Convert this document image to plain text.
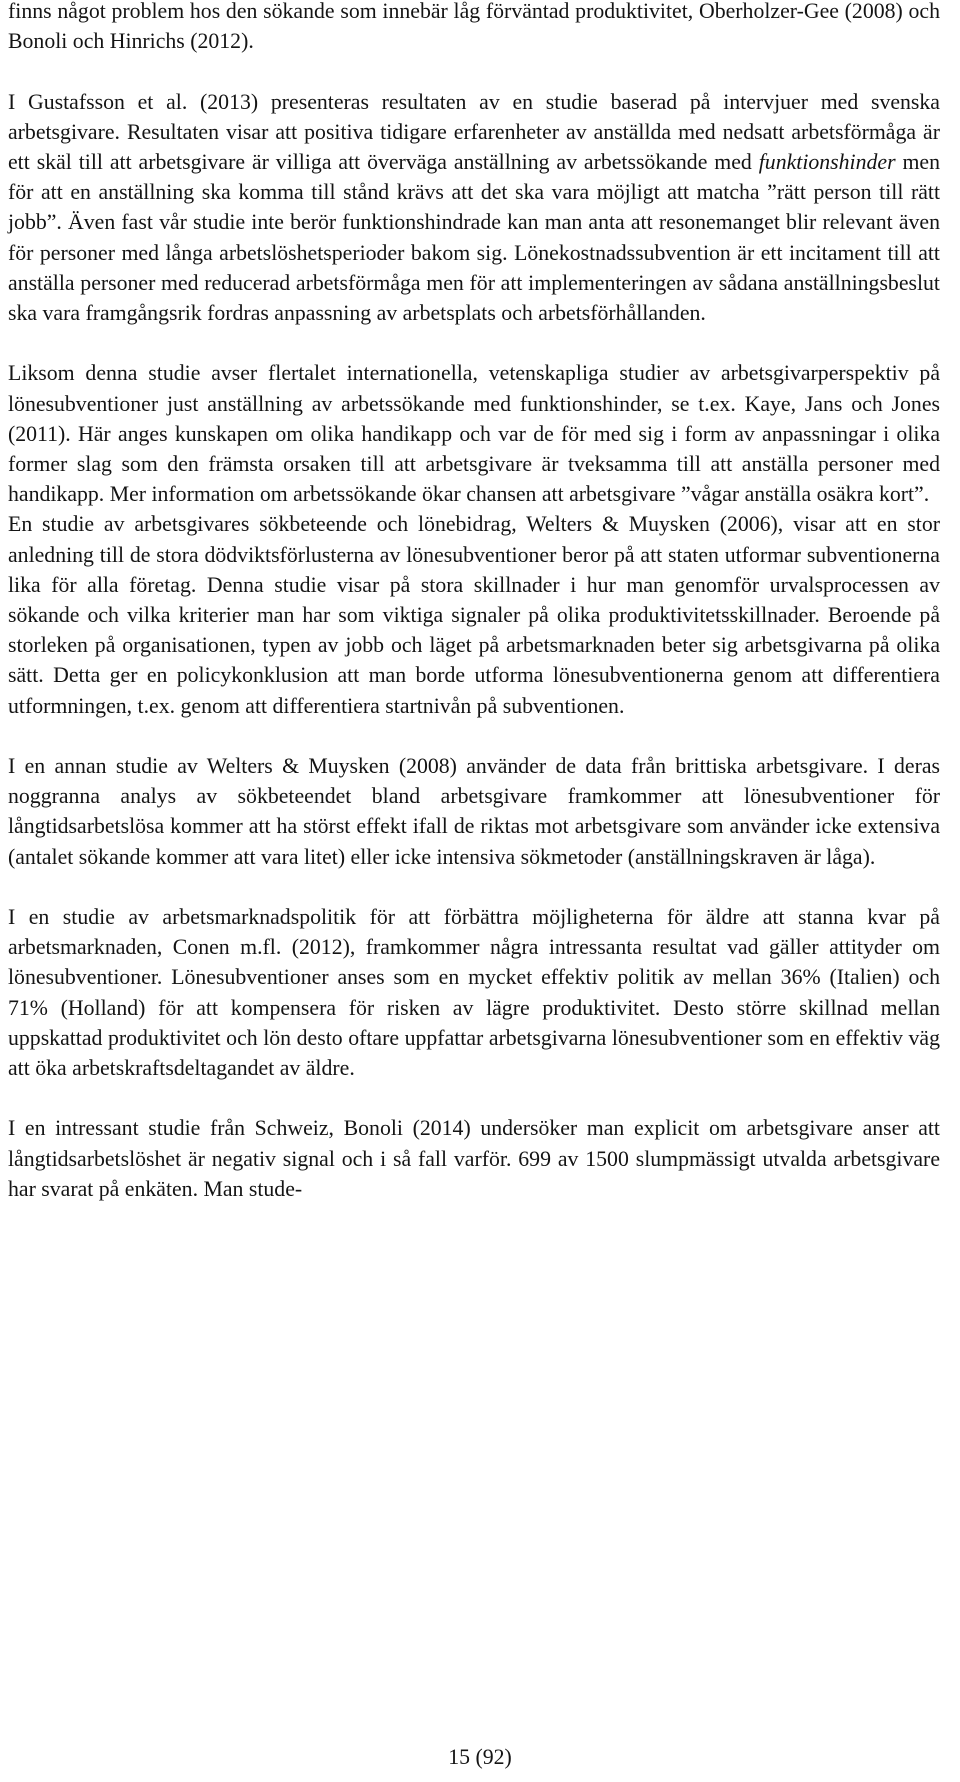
finns något problem hos den sökande som innebär låg förväntad produktivitet, Oberholzer-Gee (2008) och Bonoli och Hinrichs (2012).

I Gustafsson et al. (2013) presenteras resultaten av en studie baserad på intervjuer med svenska arbetsgivare. Resultaten visar att positiva tidigare erfarenheter av anställda med nedsatt arbetsförmåga är ett skäl till att arbetsgivare är villiga att överväga anställning av arbetssökande med funktionshinder men för att en anställning ska komma till stånd krävs att det ska vara möjligt att matcha ”rätt person till rätt jobb”. Även fast vår studie inte berör funktionshindrade kan man anta att resonemanget blir relevant även för personer med långa arbetslöshetsperioder bakom sig. Lönekostnadssubvention är ett incitament till att anställa personer med reducerad arbetsförmåga men för att implementeringen av sådana anställningsbeslut ska vara framgångsrik fordras anpassning av arbetsplats och arbetsförhållanden.

Liksom denna studie avser flertalet internationella, vetenskapliga studier av arbetsgivarperspektiv på lönesubventioner just anställning av arbetssökande med funktionshinder, se t.ex. Kaye, Jans och Jones (2011). Här anges kunskapen om olika handikapp och var de för med sig i form av anpassningar i olika former slag som den främsta orsaken till att arbetsgivare är tveksamma till att anställa personer med handikapp. Mer information om arbetssökande ökar chansen att arbetsgivare ”vågar anställa osäkra kort”.

En studie av arbetsgivares sökbeteende och lönebidrag, Welters & Muysken (2006), visar att en stor anledning till de stora dödviktsförlusterna av lönesubventioner beror på att staten utformar subventionerna lika för alla företag. Denna studie visar på stora skillnader i hur man genomför urvalsprocessen av sökande och vilka kriterier man har som viktiga signaler på olika produktivitetsskillnader. Beroende på storleken på organisationen, typen av jobb och läget på arbetsmarknaden beter sig arbetsgivarna på olika sätt. Detta ger en policykonklusion att man borde utforma lönesubventionerna genom att differentiera utformningen, t.ex. genom att differentiera startnivån på subventionen.

I en annan studie av Welters & Muysken (2008) använder de data från brittiska arbetsgivare. I deras noggranna analys av sökbeteendet bland arbetsgivare framkommer att lönesubventioner för långtidsarbetslösa kommer att ha störst effekt ifall de riktas mot arbetsgivare som använder icke extensiva (antalet sökande kommer att vara litet) eller icke intensiva sökmetoder (anställningskraven är låga).

I en studie av arbetsmarknadspolitik för att förbättra möjligheterna för äldre att stanna kvar på arbetsmarknaden, Conen m.fl. (2012), framkommer några intressanta resultat vad gäller attityder om lönesubventioner. Lönesubventioner anses som en mycket effektiv politik av mellan 36% (Italien) och 71% (Holland) för att kompensera för risken av lägre produktivitet. Desto större skillnad mellan uppskattad produktivitet och lön desto oftare uppfattar arbetsgivarna lönesubventioner som en effektiv väg att öka arbetskraftsdeltagandet av äldre.

I en intressant studie från Schweiz, Bonoli (2014) undersöker man explicit om arbetsgivare anser att långtidsarbetslöshet är negativ signal och i så fall varför. 699 av 1500 slumpmässigt utvalda arbetsgivare har svarat på enkäten. Man stude-

15 (92)
